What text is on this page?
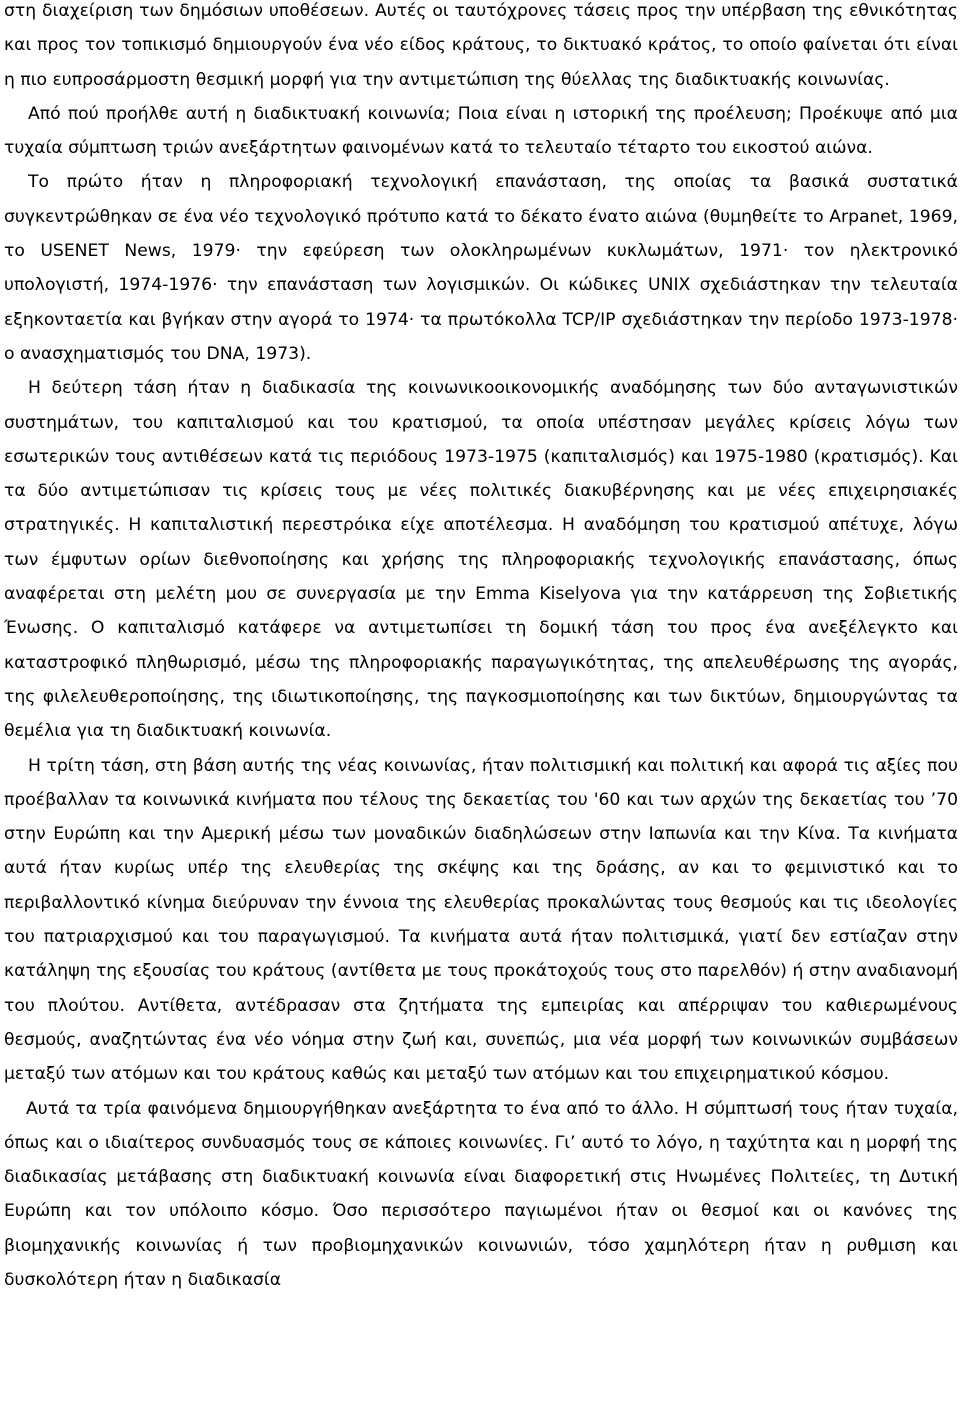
στη διαχείριση των δημόσιων υποθέσεων. Αυτές οι ταυτόχρονες τάσεις προς την υπέρβαση της εθνικότητας και προς τον τοπικισμό δημιουργούν ένα νέο είδος κράτους, το δικτυακό κράτος, το οποίο φαίνεται ότι είναι η πιο ευπροσάρμοστη θεσμική μορφή για την αντιμετώπιση της θύελλας της διαδικτυακής κοινωνίας.

Από πού προήλθε αυτή η διαδικτυακή κοινωνία; Ποια είναι η ιστορική της προέλευση; Προέκυψε από μια τυχαία σύμπτωση τριών ανεξάρτητων φαινομένων κατά το τελευταίο τέταρτο του εικοστού αιώνα.

Το πρώτο ήταν η πληροφοριακή τεχνολογική επανάσταση, της οποίας τα βασικά συστατικά συγκεντρώθηκαν σε ένα νέο τεχνολογικό πρότυπο κατά το δέκατο ένατο αιώνα (θυμηθείτε το Arpanet, 1969, το USENET News, 1979· την εφεύρεση των ολοκληρωμένων κυκλωμάτων, 1971· τον ηλεκτρονικό υπολογιστή, 1974-1976· την επανάσταση των λογισμικών. Οι κώδικες UNIX σχεδιάστηκαν την τελευταία εξηκονταετία και βγήκαν στην αγορά το 1974· τα πρωτόκολλα TCP/IP σχεδιάστηκαν την περίοδο 1973-1978· ο ανασχηματισμός του DNA, 1973).

Η δεύτερη τάση ήταν η διαδικασία της κοινωνικοοικονομικής αναδόμησης των δύο ανταγωνιστικών συστημάτων, του καπιταλισμού και του κρατισμού, τα οποία υπέστησαν μεγάλες κρίσεις λόγω των εσωτερικών τους αντιθέσεων κατά τις περιόδους 1973-1975 (καπιταλισμός) και 1975-1980 (κρατισμός). Και τα δύο αντιμετώπισαν τις κρίσεις τους με νέες πολιτικές διακυβέρνησης και με νέες επιχειρησιακές στρατηγικές. Η καπιταλιστική περεστρόικα είχε αποτέλεσμα. Η αναδόμηση του κρατισμού απέτυχε, λόγω των έμφυτων ορίων διεθνοποίησης και χρήσης της πληροφοριακής τεχνολογικής επανάστασης, όπως αναφέρεται στη μελέτη μου σε συνεργασία με την Emma Kiselyova για την κατάρρευση της Σοβιετικής Ένωσης. Ο καπιταλισμό κατάφερε να αντιμετωπίσει τη δομική τάση του προς ένα ανεξέλεγκτο και καταστροφικό πληθωρισμό, μέσω της πληροφοριακής παραγωγικότητας, της απελευθέρωσης της αγοράς, της φιλελευθεροποίησης, της ιδιωτικοποίησης, της παγκοσμιοποίησης και των δικτύων, δημιουργώντας τα θεμέλια για τη διαδικτυακή κοινωνία.

Η τρίτη τάση, στη βάση αυτής της νέας κοινωνίας, ήταν πολιτισμική και πολιτική και αφορά τις αξίες που προέβαλλαν τα κοινωνικά κινήματα που τέλους της δεκαετίας του '60 και των αρχών της δεκαετίας του ’70 στην Ευρώπη και την Αμερική μέσω των μοναδικών διαδηλώσεων στην Ιαπωνία και την Κίνα. Τα κινήματα αυτά ήταν κυρίως υπέρ της ελευθερίας της σκέψης και της δράσης, αν και το φεμινιστικό και το περιβαλλοντικό κίνημα διεύρυναν την έννοια της ελευθερίας προκαλώντας τους θεσμούς και τις ιδεολογίες του πατριαρχισμού και του παραγωγισμού. Τα κινήματα αυτά ήταν πολιτισμικά, γιατί δεν εστίαζαν στην κατάληψη της εξουσίας του κράτους (αντίθετα με τους προκάτοχούς τους στο παρελθόν) ή στην αναδιανομή του πλούτου. Αντίθετα, αντέδρασαν στα ζητήματα της εμπειρίας και απέρριψαν του καθιερωμένους θεσμούς, αναζητώντας ένα νέο νόημα στην ζωή και, συνεπώς, μια νέα μορφή των κοινωνικών συμβάσεων μεταξύ των ατόμων και του κράτους καθώς και μεταξύ των ατόμων και του επιχειρηματικού κόσμου.

Αυτά τα τρία φαινόμενα δημιουργήθηκαν ανεξάρτητα το ένα από το άλλο. Η σύμπτωσή τους ήταν τυχαία, όπως και ο ιδιαίτερος συνδυασμός τους σε κάποιες κοινωνίες. Γι’ αυτό το λόγο, η ταχύτητα και η μορφή της διαδικασίας μετάβασης στη διαδικτυακή κοινωνία είναι διαφορετική στις Ηνωμένες Πολιτείες, τη Δυτική Ευρώπη και τον υπόλοιπο κόσμο. Όσο περισσότερο παγιωμένοι ήταν οι θεσμοί και οι κανόνες της βιομηχανικής κοινωνίας ή των προβιομηχανικών κοινωνιών, τόσο χαμηλότερη ήταν η ρυθμιση και δυσκολότερη ήταν η διαδικασία
